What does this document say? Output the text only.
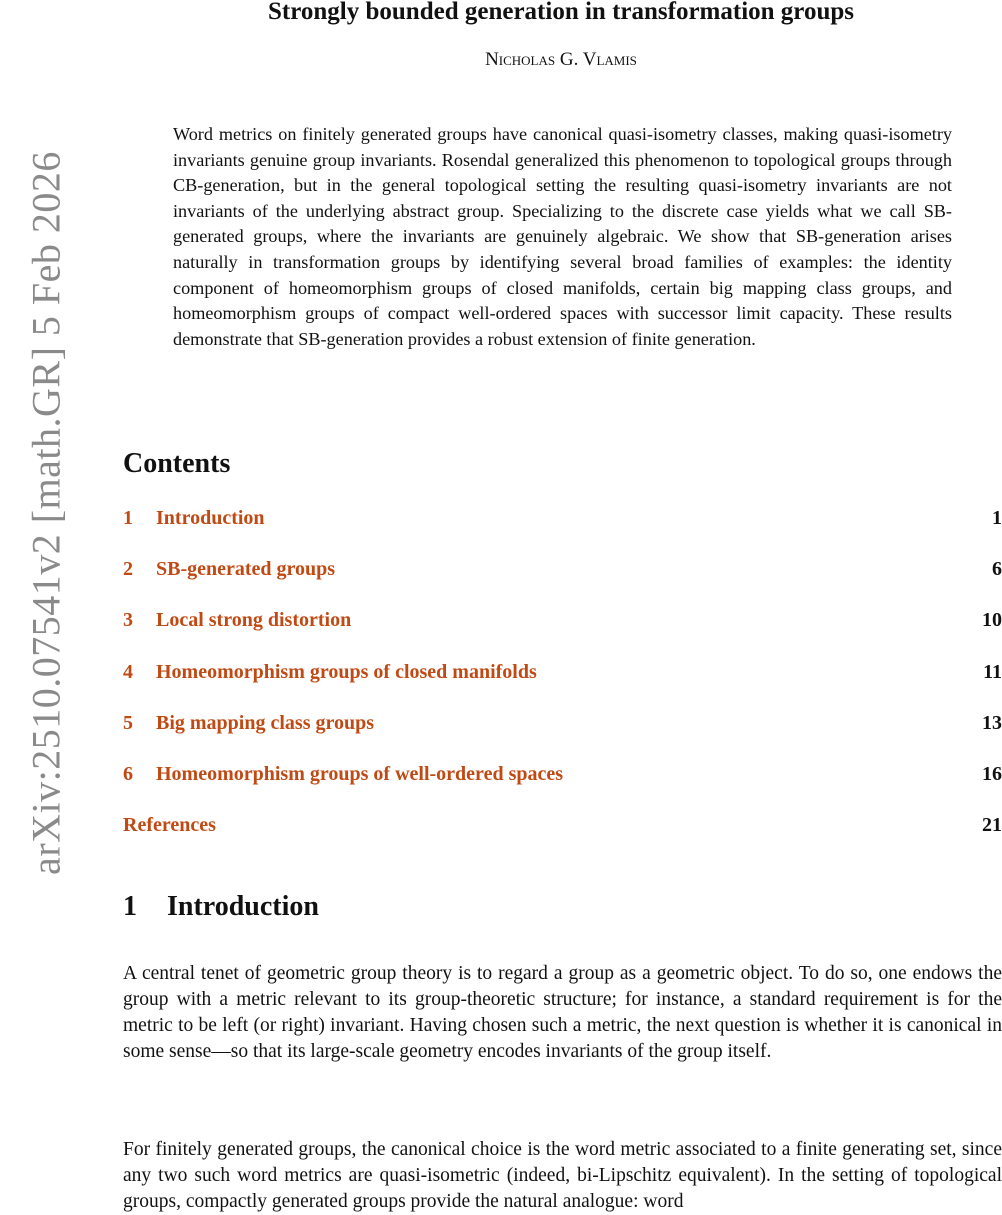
arXiv:2510.07541v2 [math.GR] 5 Feb 2026
Strongly bounded generation in transformation groups
Nicholas G. Vlamis

Word metrics on finitely generated groups have canonical quasi-isometry classes, making quasi-isometry invariants genuine group invariants. Rosendal generalized this phenomenon to topological groups through CB-generation, but in the general topological setting the resulting quasi-isometry invariants are not invariants of the underlying abstract group. Specializing to the discrete case yields what we call SB-generated groups, where the invariants are genuinely algebraic. We show that SB-generation arises naturally in transformation groups by identifying several broad families of examples: the identity component of homeomorphism groups of closed manifolds, certain big mapping class groups, and homeomorphism groups of compact well-ordered spaces with successor limit capacity. These results demonstrate that SB-generation provides a robust extension of finite generation.

Contents
1 Introduction	1
2 SB-generated groups	6
3 Local strong distortion	10
4 Homeomorphism groups of closed manifolds	11
5 Big mapping class groups	13
6 Homeomorphism groups of well-ordered spaces	16
References	21
1 Introduction

A central tenet of geometric group theory is to regard a group as a geometric object. To do so, one endows the group with a metric relevant to its group-theoretic structure; for instance, a standard requirement is for the metric to be left (or right) invariant. Having chosen such a metric, the next question is whether it is canonical in some sense—so that its large-scale geometry encodes invariants of the group itself.

For finitely generated groups, the canonical choice is the word metric associated to a finite generating set, since any two such word metrics are quasi-isometric (indeed, bi-Lipschitz equivalent). In the setting of topological groups, compactly generated groups provide the natural analogue: word
